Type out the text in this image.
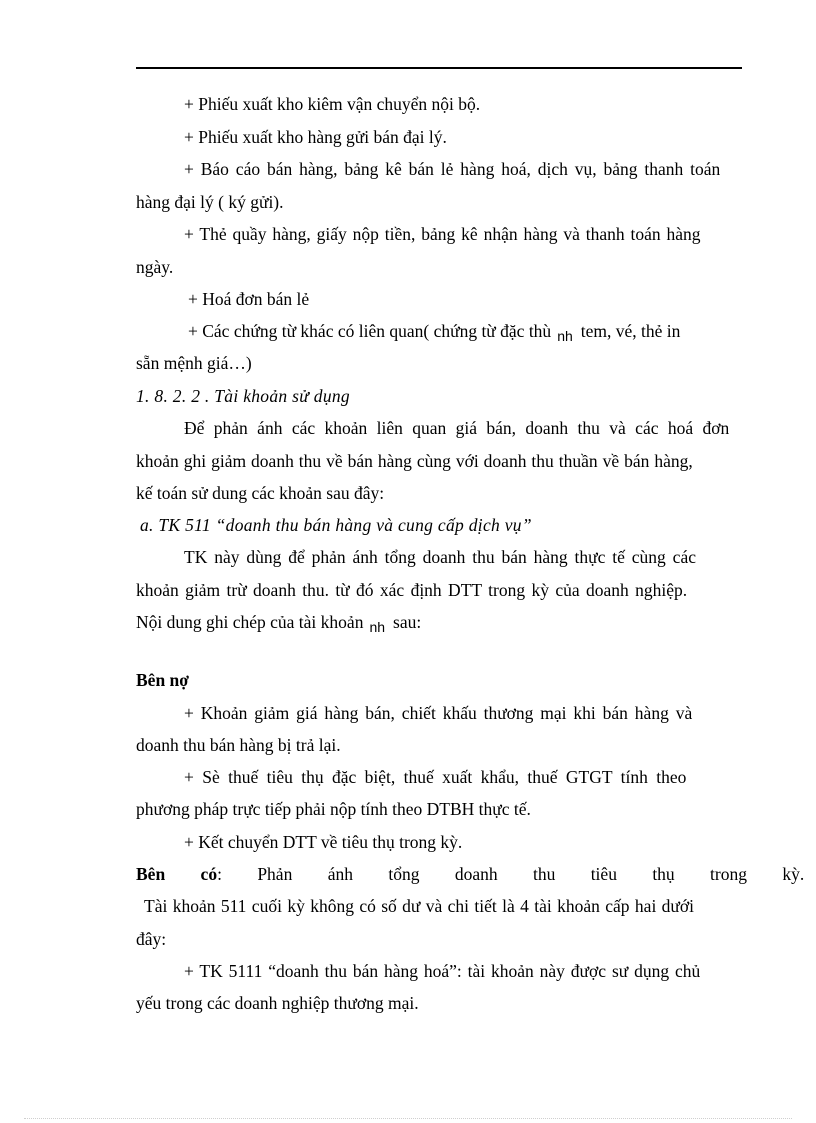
+ Phiếu xuất kho kiêm vận chuyển nội bộ.
+ Phiếu xuất kho hàng gửi bán đại lý.
+ Báo cáo bán hàng, bảng kê bán lẻ hàng hoá, dịch vụ, bảng thanh toán
hàng đại lý ( ký gửi).
+ Thẻ quầy hàng, giấy nộp tiền, bảng kê nhận hàng và thanh toán hàng
ngày.
+ Hoá đơn bán lẻ
+ Các chứng từ khác có liên quan( chứng từ đặc thù nh tem, vé, thẻ in
sẵn mệnh giá…)
1. 8. 2. 2 . Tài khoản sử dụng
Để phản ánh các khoản liên quan giá bán, doanh thu và các hoá đơn
khoản ghi giảm doanh thu về bán hàng cùng với doanh thu thuần về bán hàng,
kế toán sử dung các khoản sau đây:
a. TK 511 “doanh thu bán hàng và cung cấp dịch vụ”
TK này dùng để phản ánh tổng doanh thu bán hàng thực tế cùng các
khoản giảm trừ doanh thu. từ đó xác định DTT trong kỳ của doanh nghiệp.
Nội dung ghi chép của tài khoản nh sau:
Bên nợ
+ Khoản giảm giá hàng bán, chiết khấu thương mại khi bán hàng và
doanh thu bán hàng bị trả lại.
+ Sè thuế tiêu thụ đặc biệt, thuế xuất khẩu, thuế GTGT tính theo
phương pháp trực tiếp phải nộp tính theo DTBH thực tế.
+ Kết chuyển DTT về tiêu thụ trong kỳ.
Bên có: Phản ánh tổng doanh thu tiêu thụ trong kỳ.
Tài khoản 511 cuối kỳ không có số dư và chi tiết là 4 tài khoản cấp hai dưới
đây:
+ TK 5111 “doanh thu bán hàng hoá”: tài khoản này được sư dụng chủ
yếu trong các doanh nghiệp thương mại.
